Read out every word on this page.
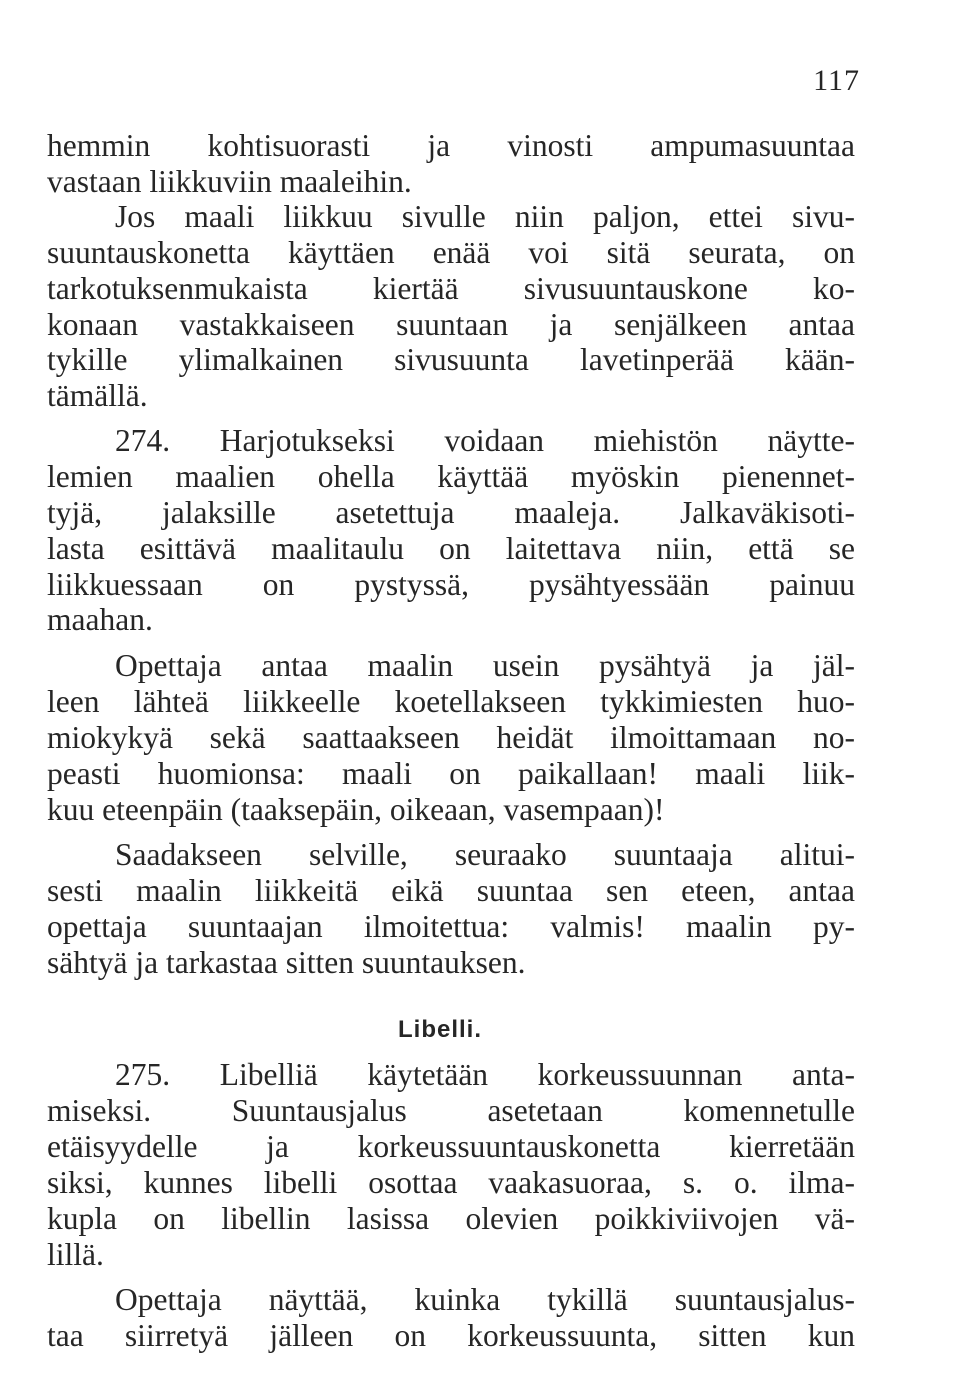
117
hemmin kohtisuorasti ja vinosti ampumasuuntaa
vastaan liikkuviin maaleihin.
Jos maali liikkuu sivulle niin paljon, ettei sivu-
suuntauskonetta käyttäen enää voi sitä seurata, on
tarkotuksenmukaista kiertää sivusuuntauskone ko-
konaan vastakkaiseen suuntaan ja senjälkeen antaa
tykille ylimalkainen sivusuunta lavetinperää kään-
tämällä.
274. Harjotukseksi voidaan miehistön näytte-
lemien maalien ohella käyttää myöskin pienennet-
tyjä, jalaksille asetettuja maaleja. Jalkaväkisoti-
lasta esittävä maalitaulu on laitettava niin, että se
liikkuessaan on pystyssä, pysähtyessään painuu
maahan.
Opettaja antaa maalin usein pysähtyä ja jäl-
leen lähteä liikkeelle koetellakseen tykkimiesten huo-
miokykyä sekä saattaakseen heidät ilmoittamaan no-
peasti huomionsa: maali on paikallaan! maali liik-
kuu eteenpäin (taaksepäin, oikeaan, vasempaan)!
Saadakseen selville, seuraako suuntaaja alitui-
sesti maalin liikkeitä eikä suuntaa sen eteen, antaa
opettaja suuntaajan ilmoitettua: valmis! maalin py-
sähtyä ja tarkastaa sitten suuntauksen.
Libelli.
275. Libelliä käytetään korkeussuunnan anta-
miseksi. Suuntausjalus asetetaan komennetulle
etäisyydelle ja korkeussuuntauskonetta kierretään
siksi, kunnes libelli osottaa vaakasuoraa, s. o. ilma-
kupla on libellin lasissa olevien poikkiviivojen vä-
lillä.
Opettaja näyttää, kuinka tykillä suuntausjalus-
taa siirretyä jälleen on korkeussuunta, sitten kun
